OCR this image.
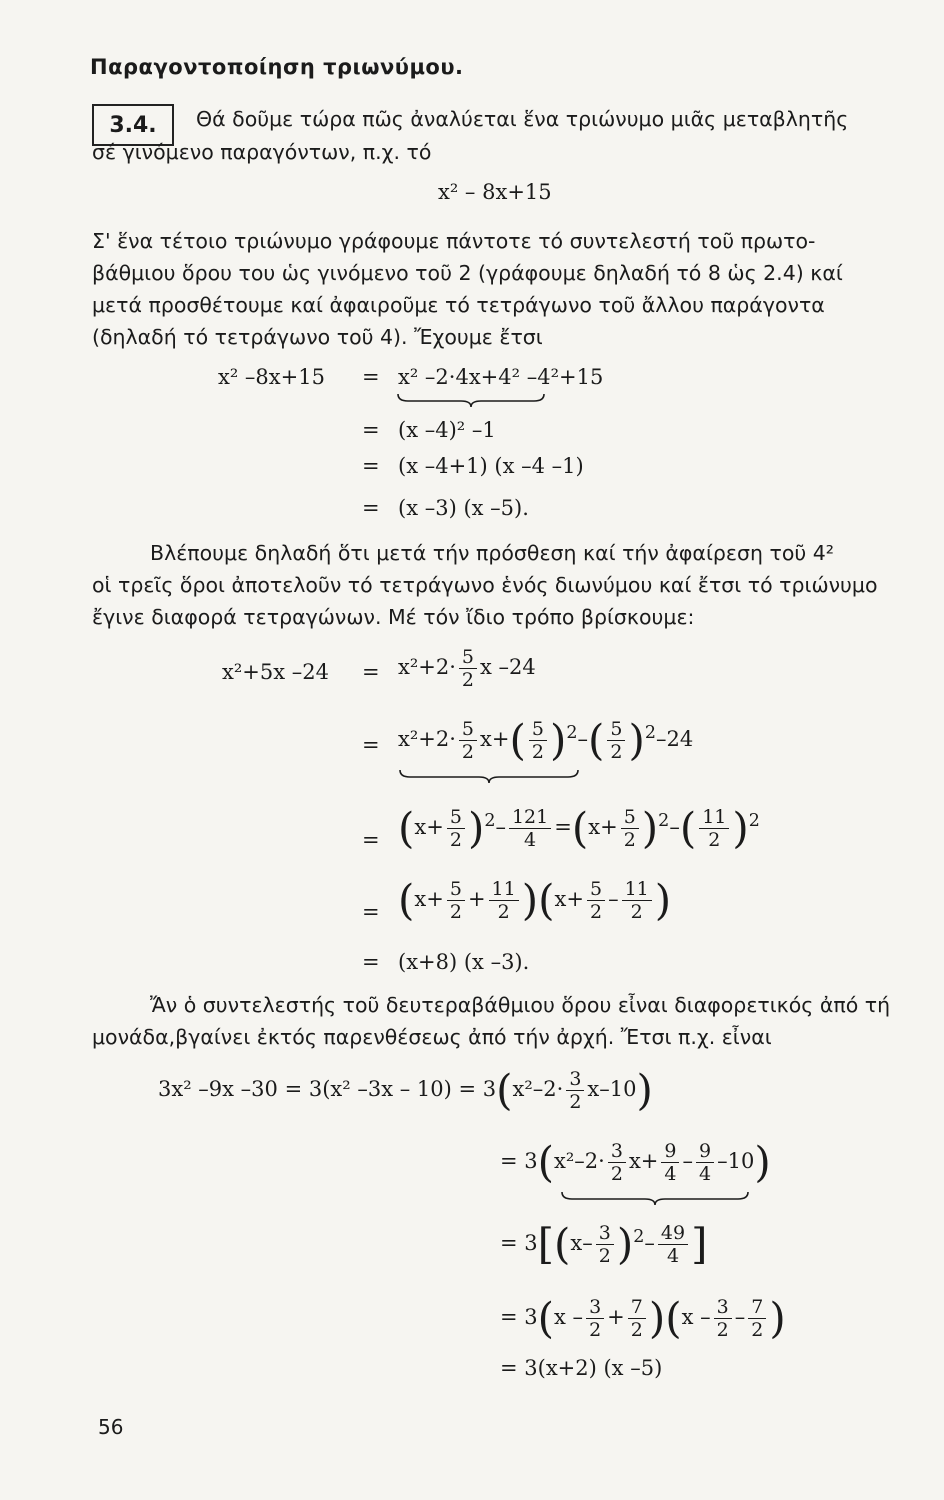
Παραγοντοποίηση τριωνύμου.
3.4.	Θά δοῦμε τώρα πῶς ἀναλύεται ἕνα τριώνυμο μιᾶς μεταβλητῆς
σέ γινόμενο παραγόντων, π.χ. τό
x² – 8x+15
Σ' ἕνα τέτοιο τριώνυμο γράφουμε πάντοτε τό συντελεστή τοῦ πρωτο-
βάθμιου ὅρου του ὡς γινόμενο τοῦ 2 (γράφουμε δηλαδή τό 8 ὡς 2.4) καί
μετά προσθέτουμε καί ἀφαιροῦμε τό τετράγωνο τοῦ ἄλλου παράγοντα
(δηλαδή τό τετράγωνο τοῦ 4). Ἔχουμε ἔτσι
x² –8x+15 = x² –2·4x+4² –4²+15
= (x –4)² –1
= (x –4+1) (x –4 –1)
= (x –3) (x –5).
Βλέπουμε δηλαδή ὅτι μετά τήν πρόσθεση καί τήν ἀφαίρεση τοῦ 4²
οἱ τρεῖς ὅροι ἀποτελοῦν τό τετράγωνο ἑνός διωνύμου καί ἔτσι τό τριώνυμο
ἔγινε διαφορά τετραγώνων. Μέ τόν ἴδιο τρόπο βρίσκουμε:
x²+5x $-24 = x^2+2\cdot \frac{5}{2}$ x –24
= $x^2+2\cdot \frac{5}{2} x+( \frac{5}{2} )^2-( \frac{5}{2} )^2-24$
= $(x+ \frac{5}{2} )^2- \frac{121}{4} =(x+ \frac{5}{2} )^2-( \frac{11}{2} )^2$
= $(x+ \frac{5}{2} + \frac{11}{2} )(x+ \frac{5}{2} - \frac{11}{2}$ )
= (x+8) (x –3).
Ἄν ὁ συντελεστής τοῦ δευτεραβάθμιου ὅρου εἶναι διαφορετικός ἀπό τή
μονάδα,βγαίνει ἐκτός παρενθέσεως ἀπό τήν ἀρχή. Ἔτσι π.χ. εἶναι
3x² –9x –30 = 3(x² $-3x - 10) = 3(x^2-2\cdot \frac{3}{2} x-10)$
= $3(x^2-2\cdot \frac{3}{2} x+ \frac{9}{4} - \frac{9}{4} -10)$
= $3[(x- \frac{3}{2} )^2- \frac{49}{4}$ ]
= $3(x - \frac{3}{2} + \frac{7}{2} )(x - \frac{3}{2} - \frac{7}{2}$ )
= 3(x+2) (x –5)
56
